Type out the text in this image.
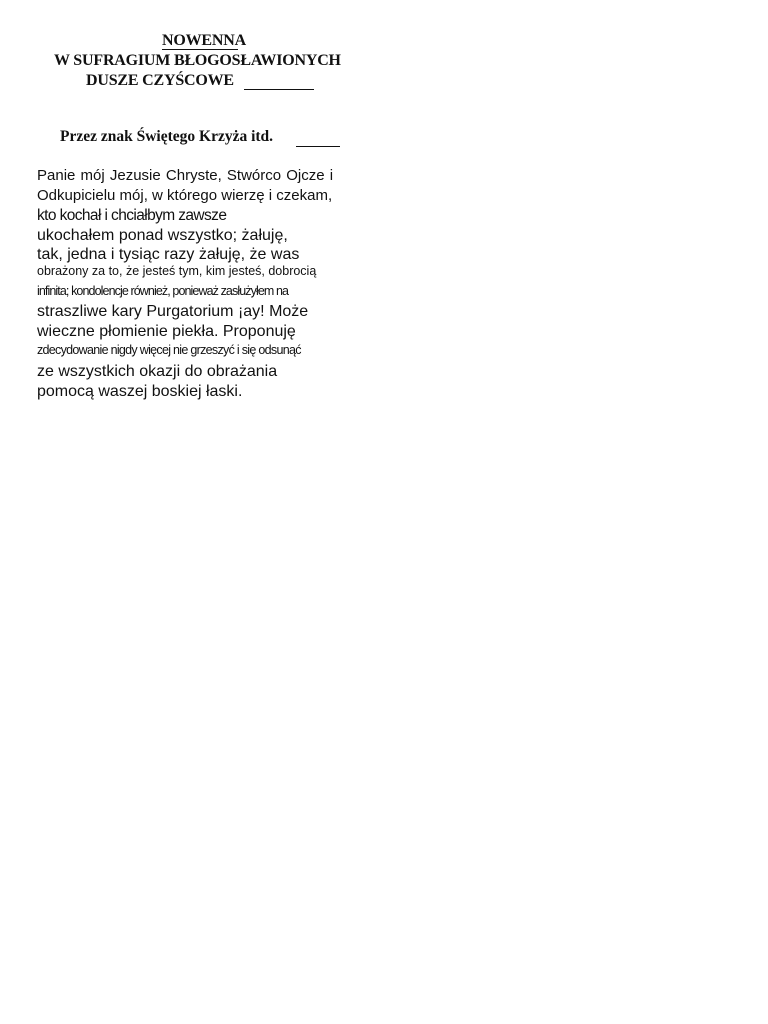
NOWENNA
W SUFRAGIUM BŁOGOSŁAWIONYCH
DUSZE CZYŚCOWE
Przez znak Świętego Krzyża itd.
Panie mój Jezusie Chryste, Stwórco Ojcze i
Odkupicielu mój, w którego wierzę i czekam,
kto kochał i chciałbym zawsze
ukochałem ponad wszystko; żałuję,
tak, jedna i tysiąc razy żałuję, że was
obrażony za to, że jesteś tym, kim jesteś, dobrocią
infinita; kondolencje również, ponieważ zasłużyłem na
straszliwe kary Purgatorium ¡ay! Może
wieczne płomienie piekła. Proponuję
zdecydowanie nigdy więcej nie grzeszyć i się odsunąć
ze wszystkich okazji do obrażania
pomocą waszej boskiej łaski.
